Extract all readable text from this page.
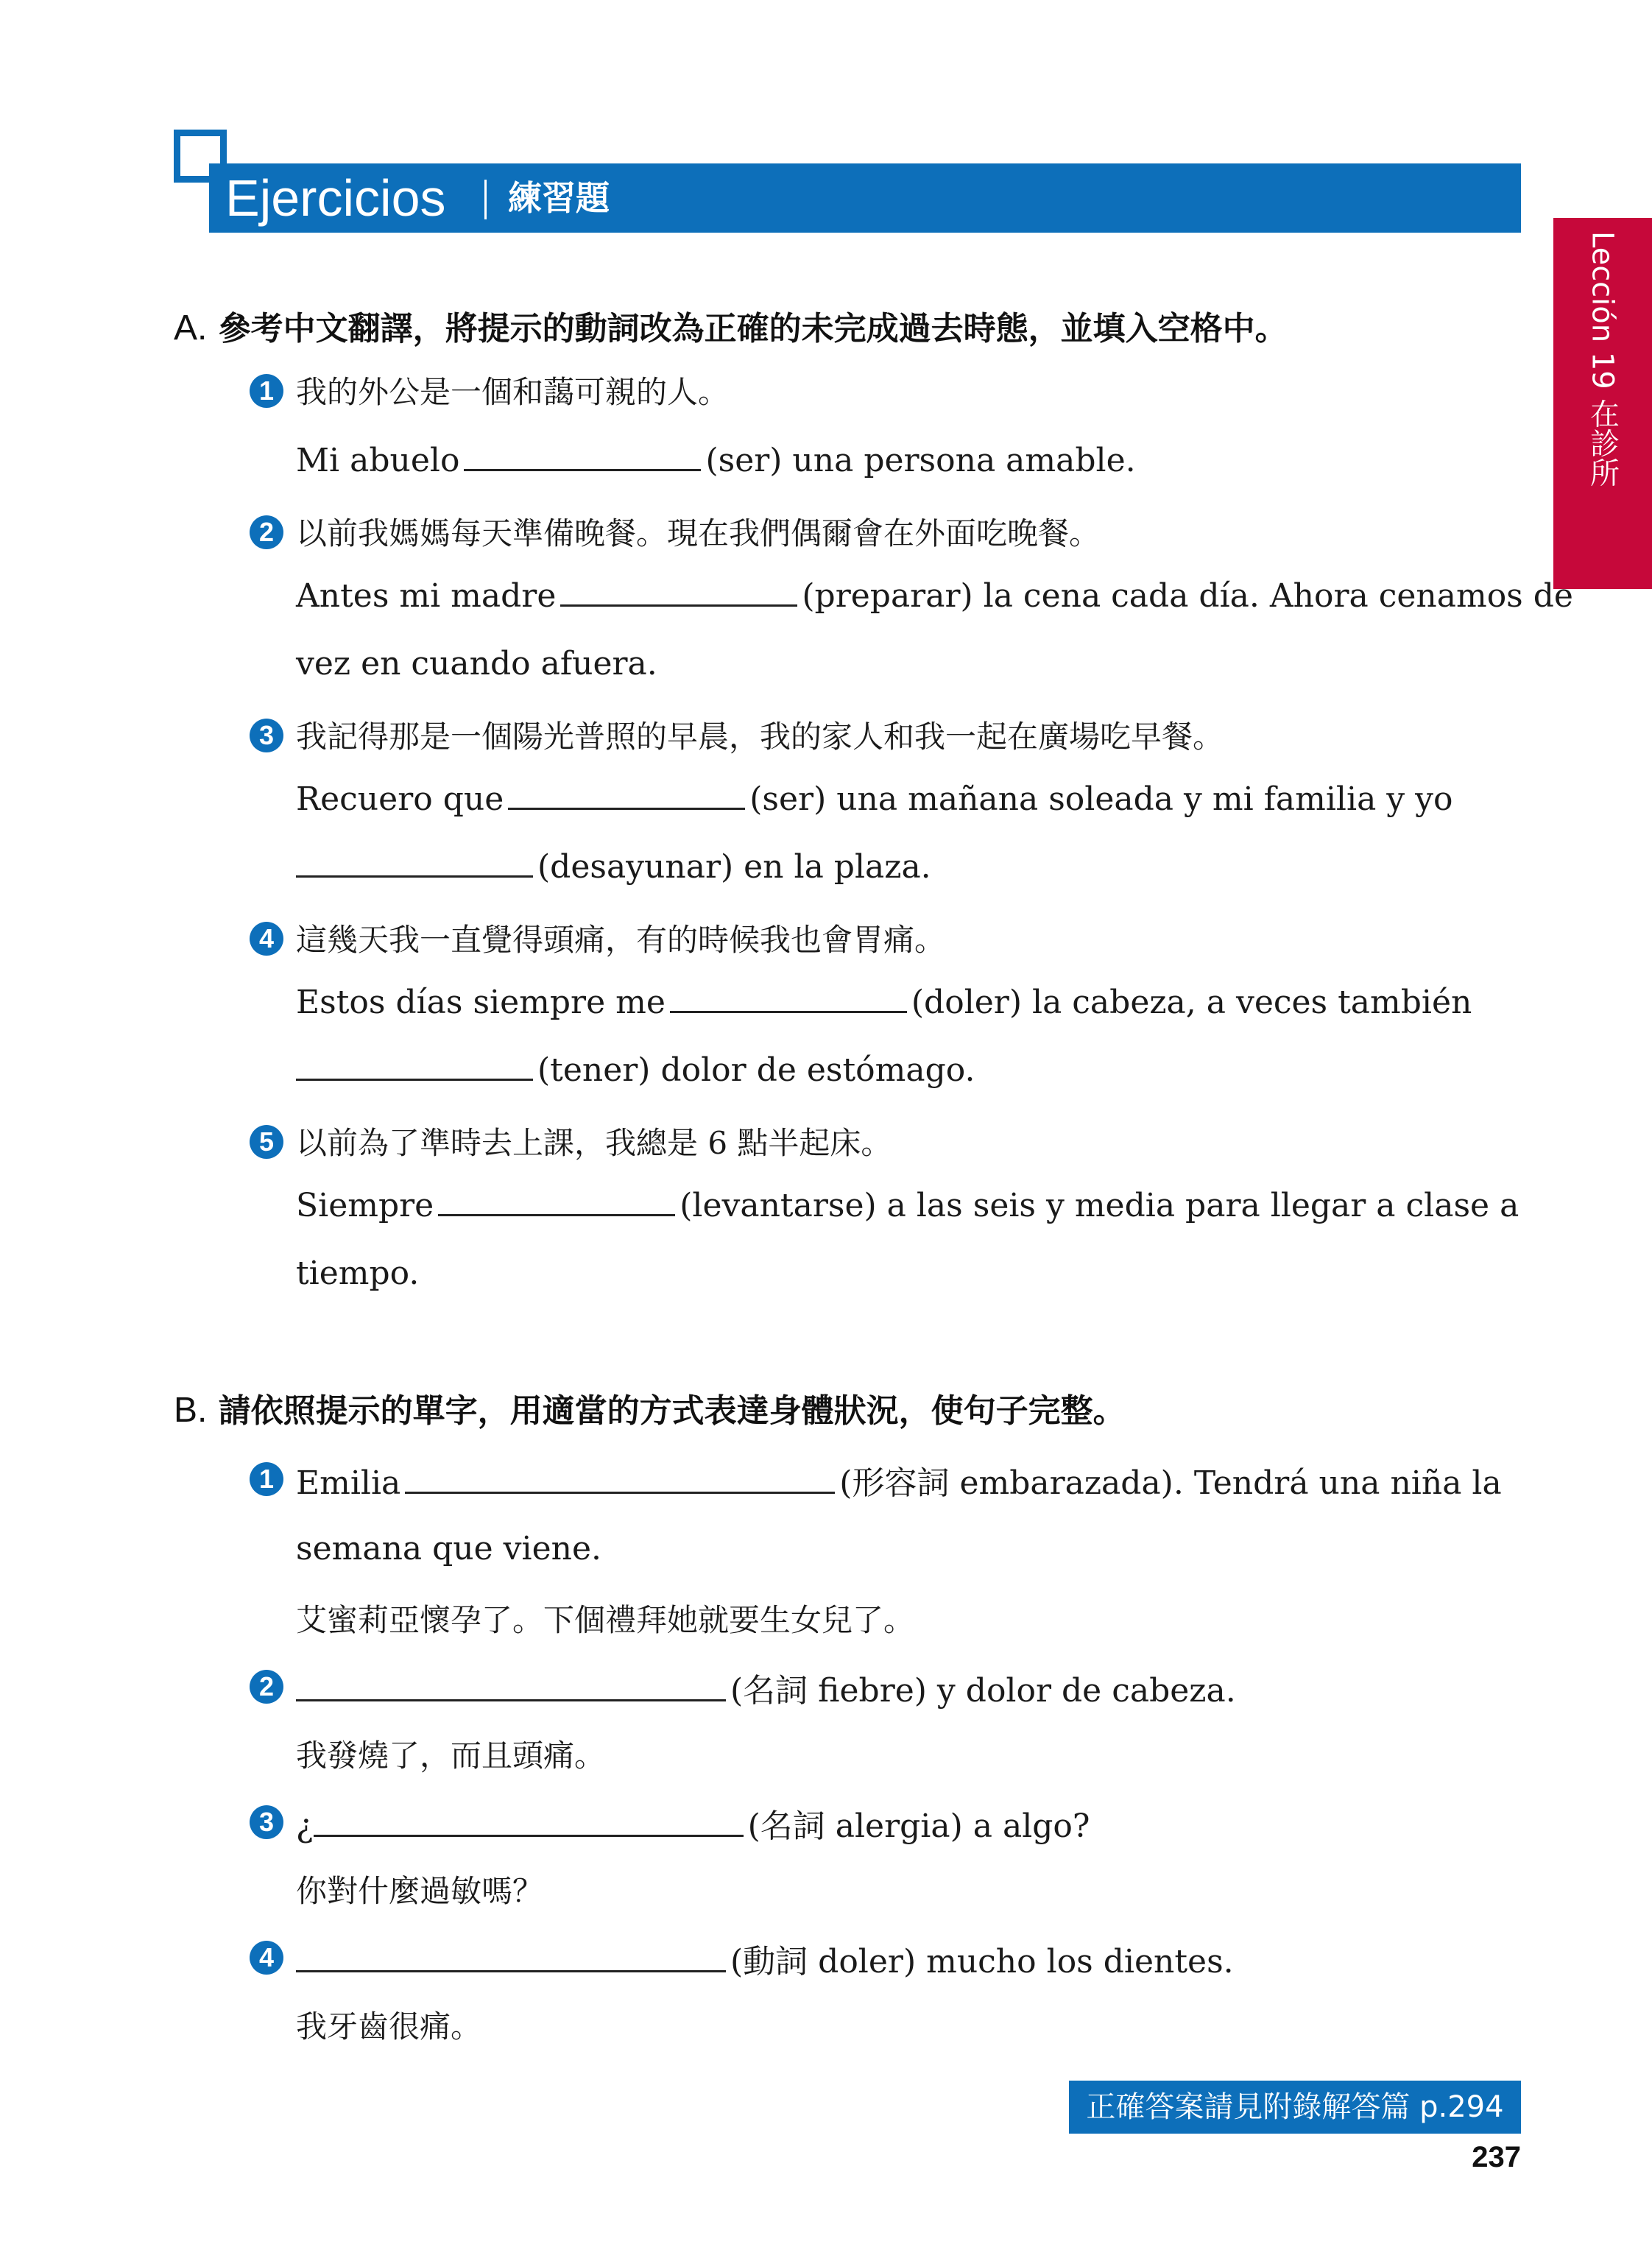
Ejercicios 練習題
Lección 19 在診所
A. 參考中文翻譯，將提示的動詞改為正確的未完成過去時態，並填入空格中。
1 我的外公是一個和藹可親的人。
Mi abuelo	(ser) una persona amable.
2 以前我媽媽每天準備晚餐。現在我們偶爾會在外面吃晚餐。
Antes mi madre	(preparar) la cena cada día. Ahora cenamos de
vez en cuando afuera.
3 我記得那是一個陽光普照的早晨，我的家人和我一起在廣場吃早餐。
Recuero que	(ser) una mañana soleada y mi familia y yo
(desayunar) en la plaza.
4 這幾天我一直覺得頭痛，有的時候我也會胃痛。
Estos días siempre me	(doler) la cabeza, a veces también
(tener) dolor de estómago.
5 以前為了準時去上課，我總是 6 點半起床。
Siempre	(levantarse) a las seis y media para llegar a clase a
tiempo.
B. 請依照提示的單字，用適當的方式表達身體狀況，使句子完整。
1 Emilia	(形容詞 embarazada). Tendrá una niña la
semana que viene.
艾蜜莉亞懷孕了。下個禮拜她就要生女兒了。
2	(名詞 fiebre) y dolor de cabeza.
我發燒了，而且頭痛。
3 ¿	(名詞 alergia) a algo?
你對什麼過敏嗎？
4	(動詞 doler) mucho los dientes.
我牙齒很痛。
正確答案請見附錄解答篇 p.294
237
